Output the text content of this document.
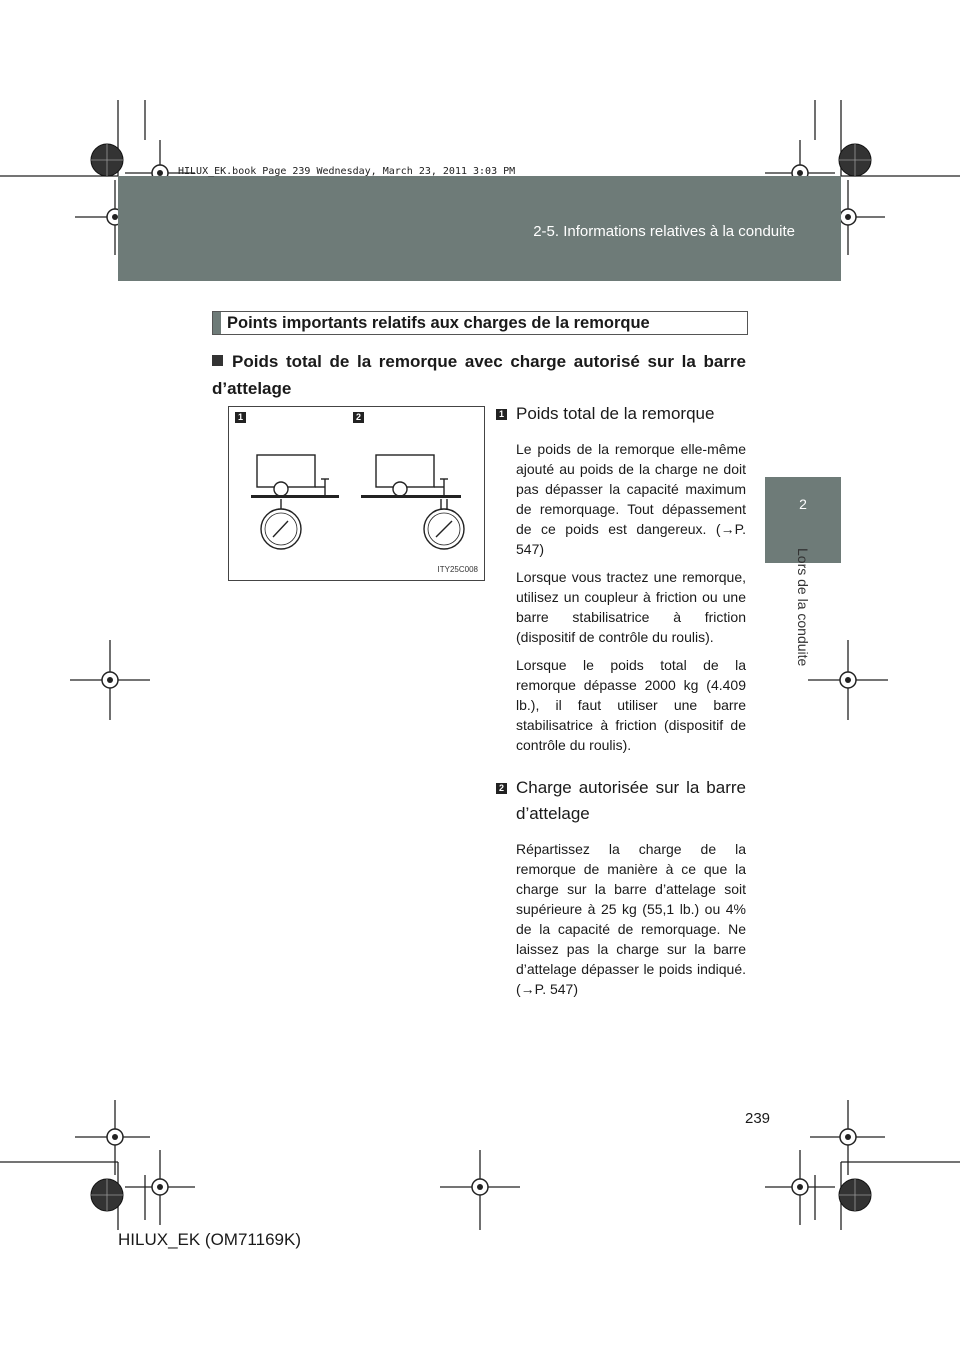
2-5. Informations relatives à la conduite
HILUX_EK.book Page 239 Wednesday, March 23, 2011 3:03 PM
2
Lors de la conduite
Points importants relatifs aux charges de la remorque
Poids total de la remorque avec charge autorisé sur la barre d’attelage
1	2
ITY25C008
1 Poids total de la remorque
Le poids de la remorque elle-même ajouté au poids de la charge ne doit pas dépasser la capacité maximum de remorquage. Tout dépassement de ce poids est dangereux. (→P. 547)
Lorsque vous tractez une remorque, utilisez un coupleur à friction ou une barre stabilisatrice à friction (dispositif de contrôle du roulis).
Lorsque le poids total de la remorque dépasse 2000 kg (4.409 lb.), il faut utiliser une barre stabilisatrice à friction (dispositif de contrôle du roulis).
2 Charge autorisée sur la barre d’attelage
Répartissez la charge de la remorque de manière à ce que la charge sur la barre d’attelage soit supérieure à 25 kg (55,1 lb.) ou 4% de la capacité de remorquage. Ne laissez pas la charge sur la barre d’attelage dépasser le poids indiqué. (→P. 547)
239
HILUX_EK (OM71169K)
